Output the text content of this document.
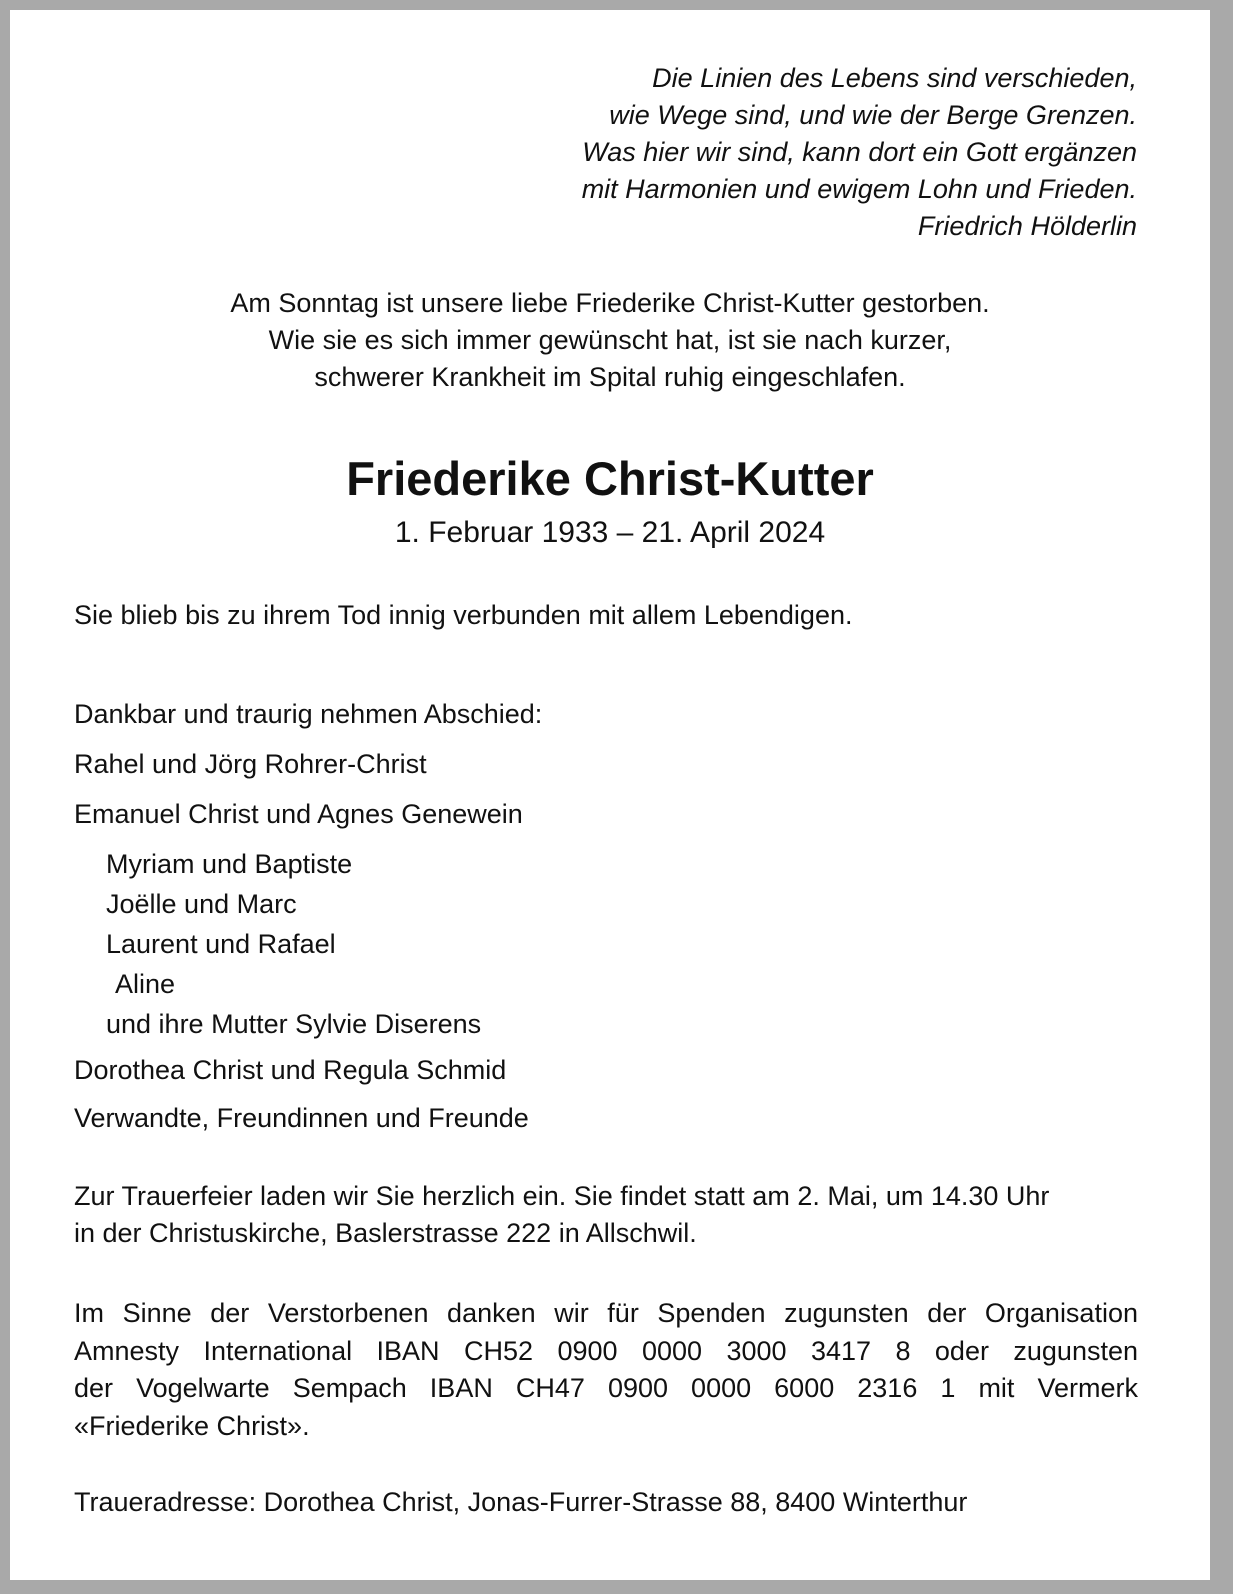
Die Linien des Lebens sind verschieden,
wie Wege sind, und wie der Berge Grenzen.
Was hier wir sind, kann dort ein Gott ergänzen
mit Harmonien und ewigem Lohn und Frieden.
Friedrich Hölderlin
Am Sonntag ist unsere liebe Friederike Christ-Kutter gestorben.
Wie sie es sich immer gewünscht hat, ist sie nach kurzer,
schwerer Krankheit im Spital ruhig eingeschlafen.
Friederike Christ-Kutter
1. Februar 1933 – 21. April 2024
Sie blieb bis zu ihrem Tod innig verbunden mit allem Lebendigen.
Dankbar und traurig nehmen Abschied:
Rahel und Jörg Rohrer-Christ
Emanuel Christ und Agnes Genewein
Myriam und Baptiste
Joëlle und Marc
Laurent und Rafael
Aline
und ihre Mutter Sylvie Diserens
Dorothea Christ und Regula Schmid
Verwandte, Freundinnen und Freunde
Zur Trauerfeier laden wir Sie herzlich ein. Sie findet statt am 2. Mai, um 14.30 Uhr
in der Christuskirche, Baslerstrasse 222 in Allschwil.
Im Sinne der Verstorbenen danken wir für Spenden zugunsten der Organisation
Amnesty International IBAN CH52 0900 0000 3000 3417 8 oder zugunsten
der Vogelwarte Sempach IBAN CH47 0900 0000 6000 2316 1 mit Vermerk
«Friederike Christ».
Traueradresse: Dorothea Christ, Jonas-Furrer-Strasse 88, 8400 Winterthur
